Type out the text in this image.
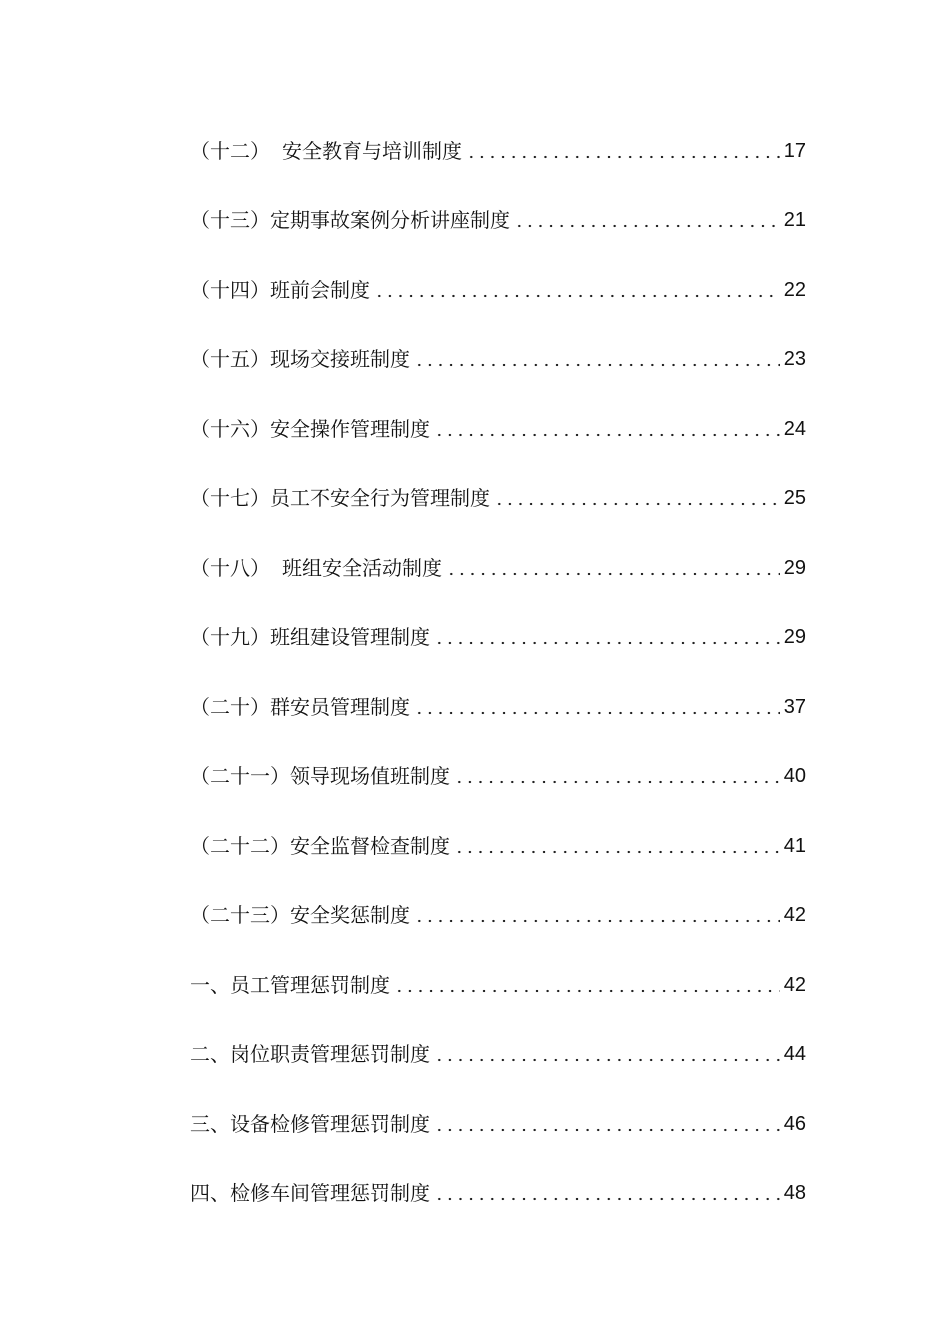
（十二） 安全教育与培训制度	17
（十三） 定期事故案例分析讲座制度	21
（十四） 班前会制度	22
（十五） 现场交接班制度	23
（十六） 安全操作管理制度	24
（十七） 员工不安全行为管理制度	25
（十八） 班组安全活动制度	29
（十九） 班组建设管理制度	29
（二十） 群安员管理制度	37
（二十一） 领导现场值班制度	40
（二十二） 安全监督检查制度	41
（二十三） 安全奖惩制度	42
一、 员工管理惩罚制度	42
二、 岗位职责管理惩罚制度	44
三、 设备检修管理惩罚制度	46
四、 检修车间管理惩罚制度	48
